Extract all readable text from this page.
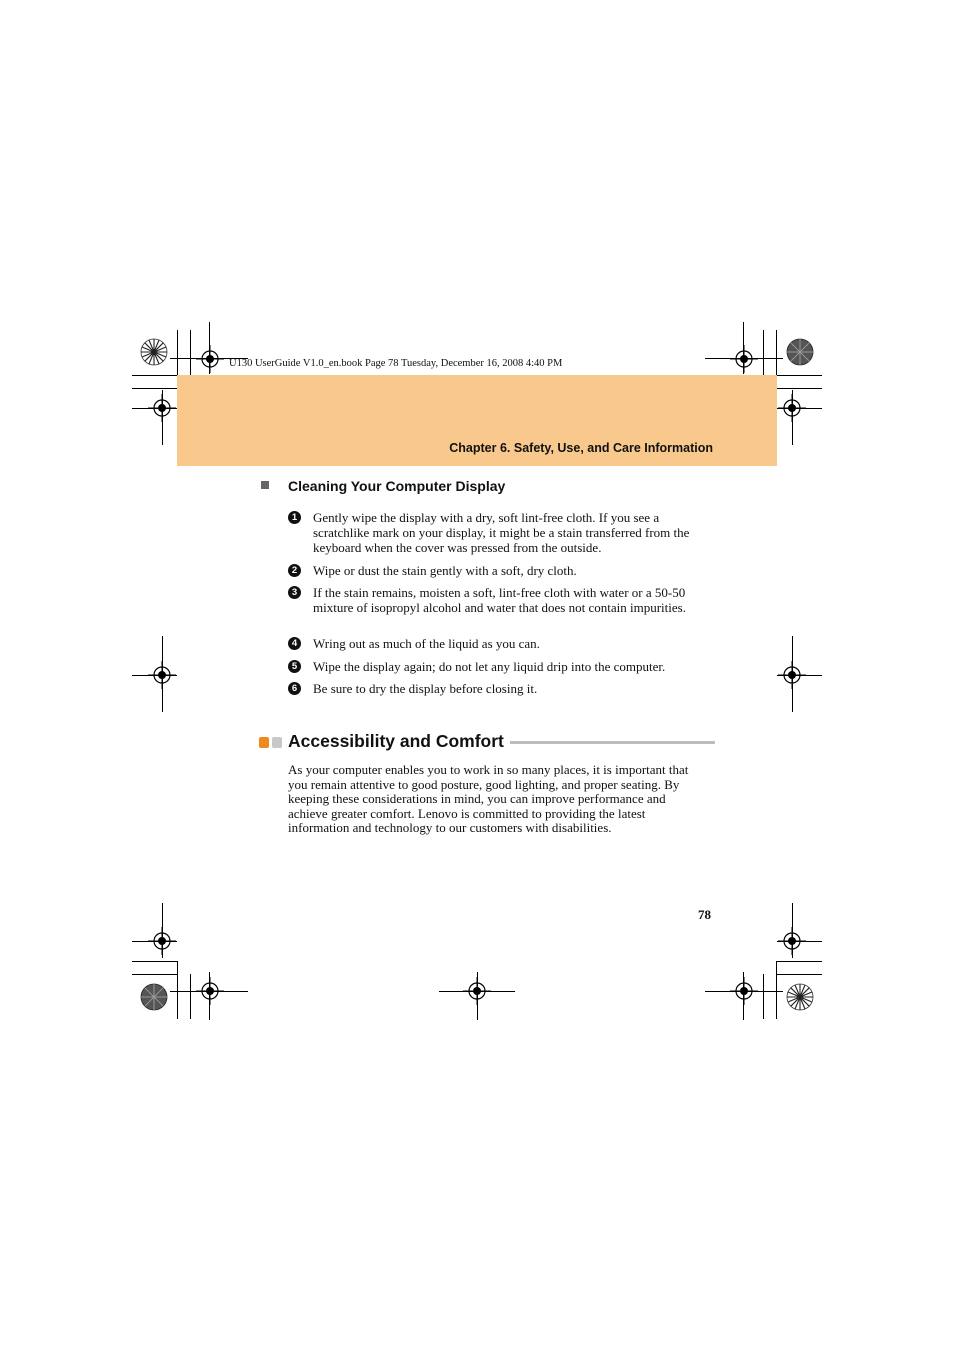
U130 UserGuide V1.0_en.book Page 78 Tuesday, December 16, 2008 4:40 PM
Chapter 6. Safety, Use, and Care Information
Cleaning Your Computer Display
1 Gently wipe the display with a dry, soft lint-free cloth. If you see a scratchlike mark on your display, it might be a stain transferred from the keyboard when the cover was pressed from the outside.
2 Wipe or dust the stain gently with a soft, dry cloth.
3 If the stain remains, moisten a soft, lint-free cloth with water or a 50-50 mixture of isopropyl alcohol and water that does not contain impurities.
4 Wring out as much of the liquid as you can.
5 Wipe the display again; do not let any liquid drip into the computer.
6 Be sure to dry the display before closing it.
Accessibility and Comfort
As your computer enables you to work in so many places, it is important that you remain attentive to good posture, good lighting, and proper seating. By keeping these considerations in mind, you can improve performance and achieve greater comfort. Lenovo is committed to providing the latest information and technology to our customers with disabilities.
78
